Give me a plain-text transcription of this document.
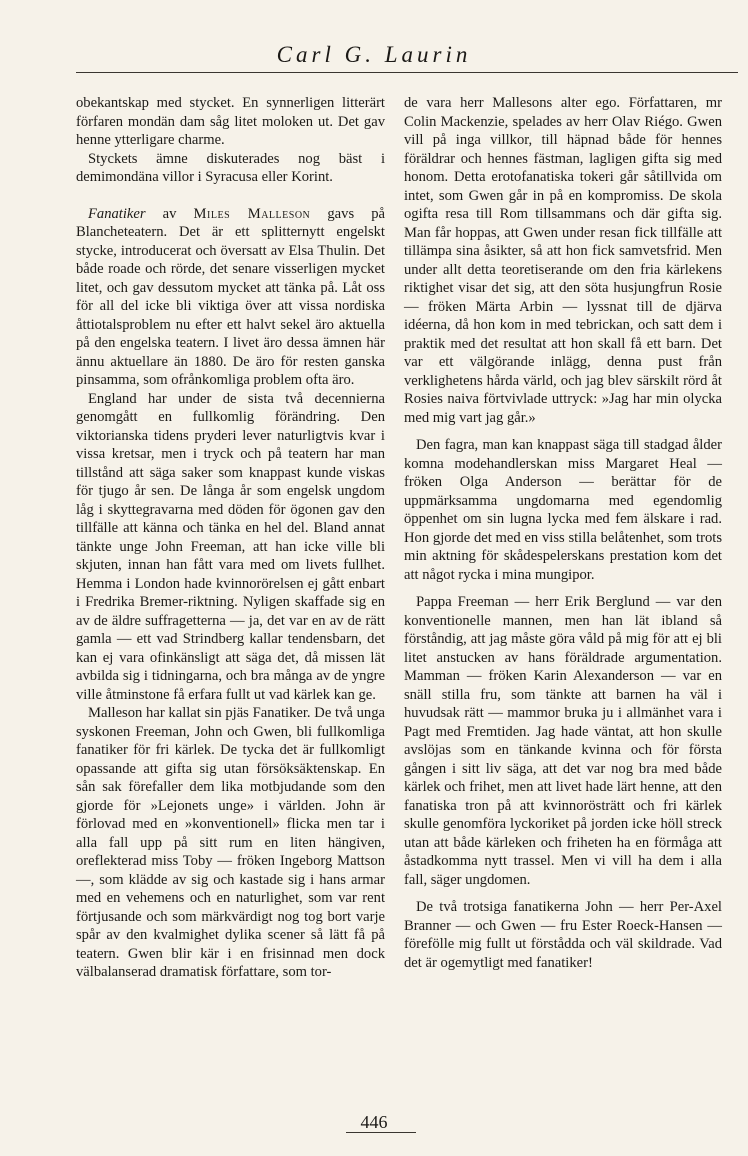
Carl G. Laurin

obekantskap med stycket. En synnerligen litterärt förfaren mondän dam såg litet moloken ut. Det gav henne ytterligare charme.

Styckets ämne diskuterades nog bäst i demimondäna villor i Syracusa eller Korint.

Fanatiker av Miles Malleson gavs på Blancheteatern. Det är ett splitternytt engelskt stycke, introducerat och översatt av Elsa Thulin. Det både roade och rörde, det senare visserligen mycket litet, och gav dessutom mycket att tänka på. Låt oss för all del icke bli viktiga över att vissa nordiska åttiotalsproblem nu efter ett halvt sekel äro aktuella på den engelska teatern. I livet äro dessa ämnen här ännu aktuellare än 1880. De äro för resten ganska pinsamma, som ofrånkomliga problem ofta äro.

England har under de sista två decennierna genomgått en fullkomlig förändring. Den viktorianska tidens pryderi lever naturligtvis kvar i vissa kretsar, men i tryck och på teatern har man tillstånd att säga saker som knappast kunde viskas för tjugo år sen. De långa år som engelsk ungdom låg i skyttegravarna med döden för ögonen gav den tillfälle att känna och tänka en hel del. Bland annat tänkte unge John Freeman, att han icke ville bli skjuten, innan han fått vara med om livets fullhet. Hemma i London hade kvinnorörelsen ej gått enbart i Fredrika Bremer-riktning. Nyligen skaffade sig en av de äldre suffragetterna — ja, det var en av de rätt gamla — ett vad Strindberg kallar tendensbarn, det kan ej vara ofinkänsligt att säga det, då missen lät avbilda sig i tidningarna, och bra många av de yngre ville åtminstone få erfara fullt ut vad kärlek kan ge.

Malleson har kallat sin pjäs Fanatiker. De två unga syskonen Freeman, John och Gwen, bli fullkomliga fanatiker för fri kärlek. De tycka det är fullkomligt opassande att gifta sig utan försöksäktenskap. En sån sak förefaller dem lika motbjudande som den gjorde för »Lejonets unge» i världen. John är förlovad med en »konventionell» flicka men tar i alla fall upp på sitt rum en liten hängiven, oreflekterad miss Toby — fröken Ingeborg Mattson —, som klädde av sig och kastade sig i hans armar med en vehemens och en naturlighet, som var rent förtjusande och som märkvärdigt nog tog bort varje spår av den kvalmighet dylika scener så lätt få på teatern. Gwen blir kär i en frisinnad men dock välbalanserad dramatisk författare, som tor-

de vara herr Mallesons alter ego. Författaren, mr Colin Mackenzie, spelades av herr Olav Riégo. Gwen vill på inga villkor, till häpnad både för hennes föräldrar och hennes fästman, lagligen gifta sig med honom. Detta erotofanatiska tokeri går såtillvida om intet, som Gwen går in på en kompromiss. De skola ogifta resa till Rom tillsammans och där gifta sig. Man får hoppas, att Gwen under resan fick tillfälle att tillämpa sina åsikter, så att hon fick samvetsfrid. Men under allt detta teoretiserande om den fria kärlekens riktighet visar det sig, att den söta husjungfrun Rosie — fröken Märta Arbin — lyssnat till de djärva idéerna, då hon kom in med tebrickan, och satt dem i praktik med det resultat att hon skall få ett barn. Det var ett välgörande inlägg, denna pust från verklighetens hårda värld, och jag blev särskilt rörd åt Rosies naiva förtvivlade uttryck: »Jag har min olycka med mig vart jag går.»

Den fagra, man kan knappast säga till stadgad ålder komna modehandlerskan miss Margaret Heal — fröken Olga Anderson — berättar för de uppmärksamma ungdomarna med egendomlig öppenhet om sin lugna lycka med fem älskare i rad. Hon gjorde det med en viss stilla belåtenhet, som trots min aktning för skådespelerskans prestation kom det att något rycka i mina mungipor.

Pappa Freeman — herr Erik Berglund — var den konventionelle mannen, men han lät ibland så förståndig, att jag måste göra våld på mig för att ej bli litet anstucken av hans föräldrade argumentation. Mamman — fröken Karin Alexanderson — var en snäll stilla fru, som tänkte att barnen ha väl i huvudsak rätt — mammor bruka ju i allmänhet vara i Pagt med Fremtiden. Jag hade väntat, att hon skulle avslöjas som en tänkande kvinna och för första gången i sitt liv säga, att det var nog bra med både kärlek och frihet, men att livet hade lärt henne, att den fanatiska tron på att kvinnorösträtt och fri kärlek skulle genomföra lyckoriket på jorden icke höll streck utan att både kärleken och friheten ha en förmåga att åstadkomma nytt trassel. Men vi vill ha dem i alla fall, säger ungdomen.

De två trotsiga fanatikerna John — herr Per-Axel Branner — och Gwen — fru Ester Roeck-Hansen — förefölle mig fullt ut förstådda och väl skildrade. Vad det är ogemytligt med fanatiker!

446
